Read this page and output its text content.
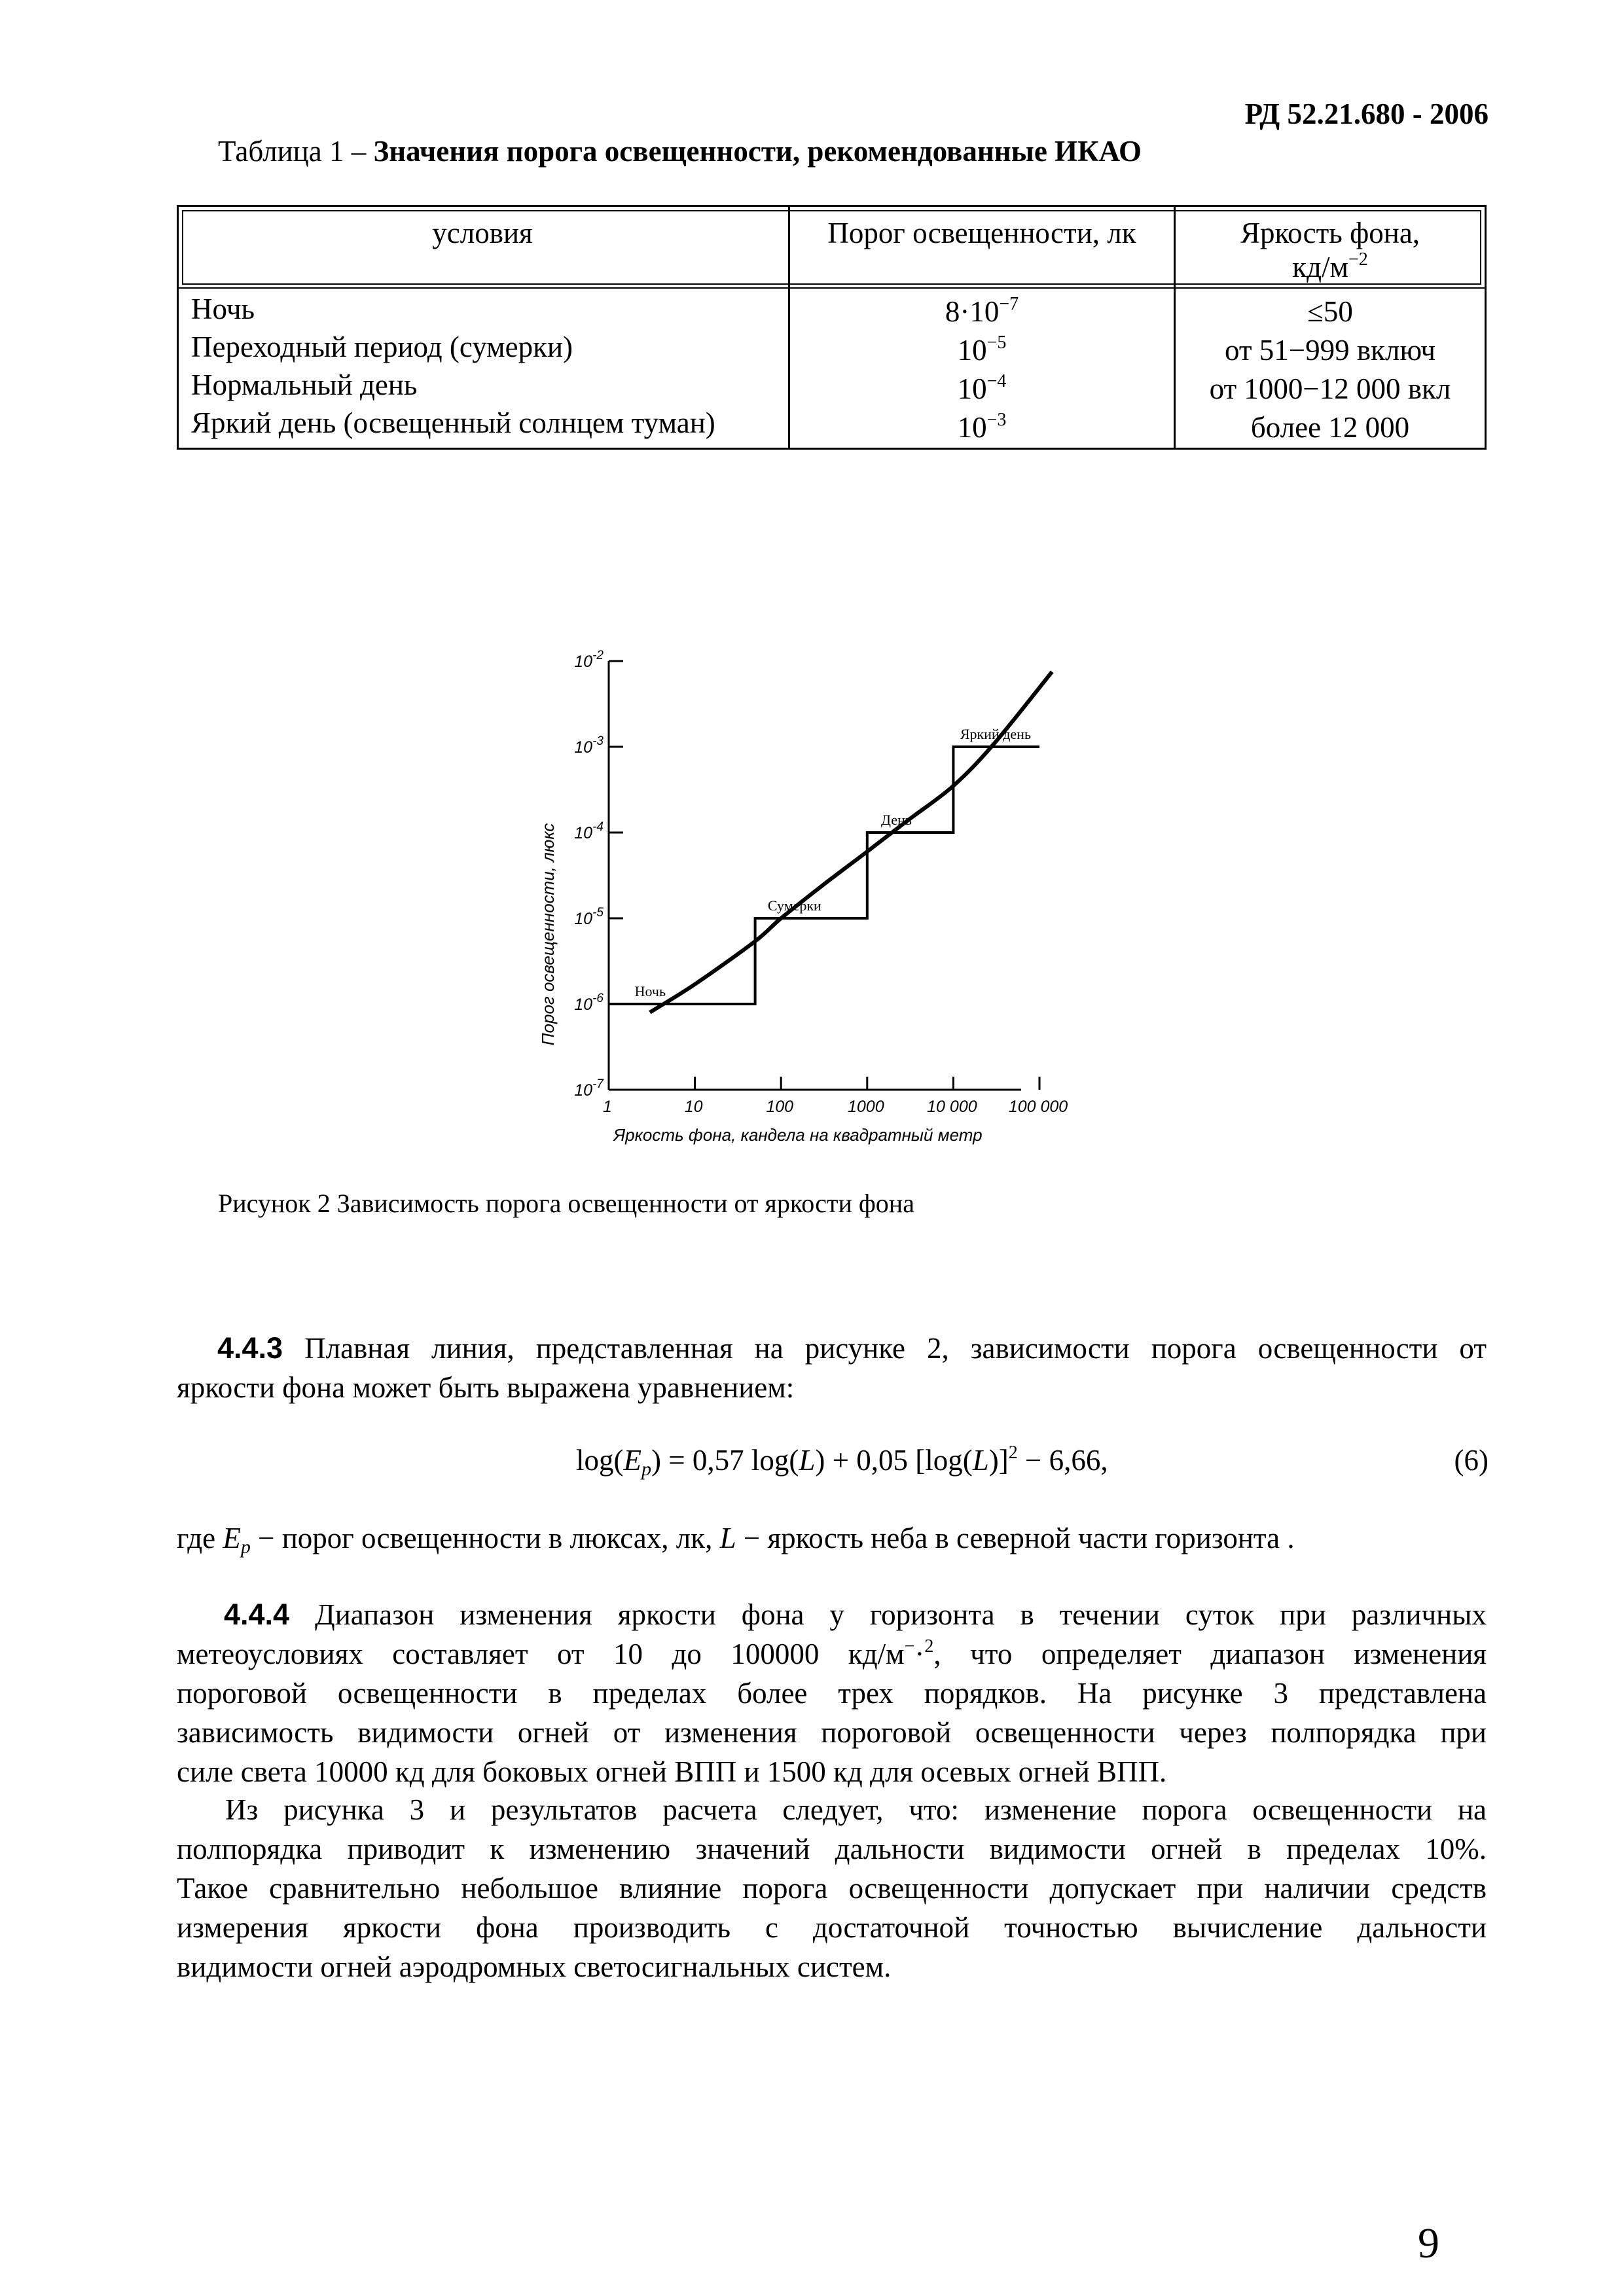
РД 52.21.680 - 2006
Таблица 1 – Значения порога освещенности, рекомендованные ИКАО
условия	Порог освещенности, лк	Яркость фона,
$кд/м^{-2}$
Ночь	$8\cdot 10^{-7}$	≤50
Переходный период (сумерки)	$10^{-5}$	от 51−999 включ
Нормальный день	$10^{-4}$	от 1000−12 000 вкл
Яркий день (освещенный солнцем туман)	$10^{-3}$	более 12 000
$10^{-7}$
$10^{-6}$
$10^{-5}$
$10^{-4}$
$10^{-3}$
$10^{-2}$
1	10	100	1000	10 000 100 000
Яркость фона, кандела на квадратный метр
Порог освещенности, люкс	Ночь
Сумерки
День
Яркий день
Рисунок 2 Зависимость порога освещенности от яркости фона
4.4.3 Плавная линия, представленная на рисунке 2, зависимости порога освещенности от
яркости фона может быть выражена уравнением:
$\log(E_p) = 0,57$ log(L) + 0,05 $[\log(L)]^2 - 6,66$,	(6)
где $E_p$ − порог освещенности в люксах, лк, L − яркость неба в северной части горизонта .
4.4.4 Диапазон изменения яркости фона у горизонта в течении суток при различных
метеоусловиях составляет от 10 до 100000 кд/м−·$^2$, что определяет диапазон изменения
пороговой освещенности в пределах более трех порядков. На рисунке 3 представлена
зависимость видимости огней от изменения пороговой освещенности через полпорядка при
силе света 10000 кд для боковых огней ВПП и 1500 кд для осевых огней ВПП.
Из рисунка 3 и результатов расчета следует, что: изменение порога освещенности на
полпорядка приводит к изменению значений дальности видимости огней в пределах 10%.
Такое сравнительно небольшое влияние порога освещенности допускает при наличии средств
измерения яркости фона производить с достаточной точностью вычисление дальности
видимости огней аэродромных светосигнальных систем.
9
